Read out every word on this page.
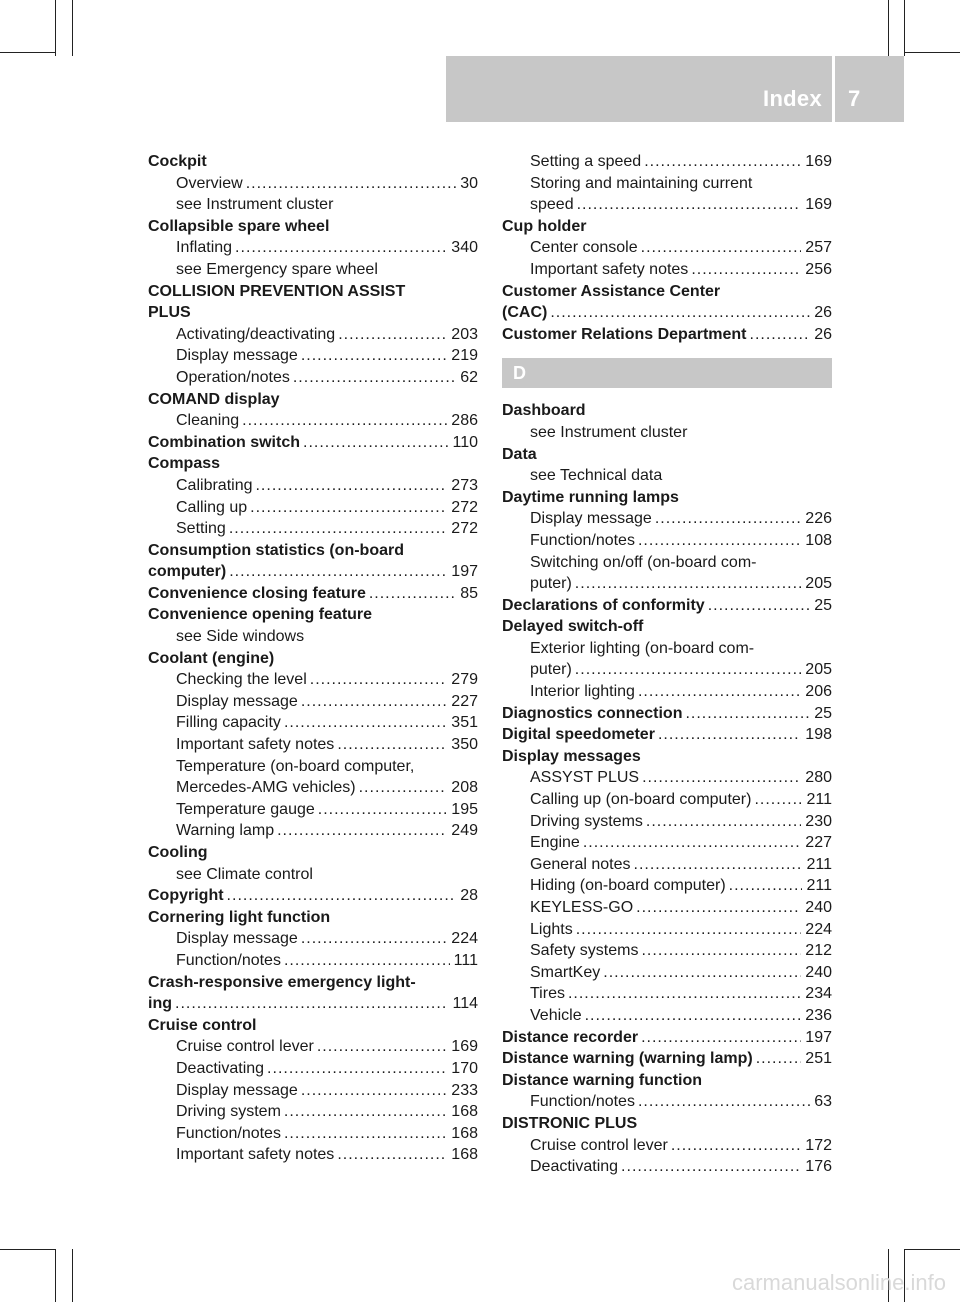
Index 7
Cockpit
Overview .....	30
see Instrument cluster
Collapsible spare wheel
Inflating .....	340
see Emergency spare wheel
COLLISION PREVENTION ASSIST
PLUS
Activating/deactivating .....	203
Display message .....	219
Operation/notes .....	62
COMAND display
Cleaning .....	286
Combination switch .....	110
Compass
Calibrating .....	273
Calling up .....	272
Setting .....	272
Consumption statistics (on-board
computer) .....	197
Convenience closing feature .....	85
Convenience opening feature
see Side windows
Coolant (engine)
Checking the level .....	279
Display message .....	227
Filling capacity .....	351
Important safety notes .....	350
Temperature (on-board computer,
Mercedes-AMG vehicles) .....	208
Temperature gauge .....	195
Warning lamp .....	249
Cooling
see Climate control
Copyright .....	28
Cornering light function
Display message .....	224
Function/notes .....	111
Crash-responsive emergency light-
ing .....	114
Cruise control
Cruise control lever .....	169
Deactivating .....	170
Display message .....	233
Driving system .....	168
Function/notes .....	168
Important safety notes .....	168
Setting a speed .....	169
Storing and maintaining current
speed .....	169
Cup holder
Center console .....	257
Important safety notes .....	256
Customer Assistance Center
(CAC) .....	26
Customer Relations Department .....	26
D
Dashboard
see Instrument cluster
Data
see Technical data
Daytime running lamps
Display message .....	226
Function/notes .....	108
Switching on/off (on-board com-
puter) .....	205
Declarations of conformity .....	25
Delayed switch-off
Exterior lighting (on-board com-
puter) .....	205
Interior lighting .....	206
Diagnostics connection .....	25
Digital speedometer .....	198
Display messages
ASSYST PLUS .....	280
Calling up (on-board computer) .....	211
Driving systems .....	230
Engine .....	227
General notes .....	211
Hiding (on-board computer) .....	211
KEYLESS-GO .....	240
Lights .....	224
Safety systems .....	212
SmartKey .....	240
Tires .....	234
Vehicle .....	236
Distance recorder .....	197
Distance warning (warning lamp) .....	251
Distance warning function
Function/notes .....	63
DISTRONIC PLUS
Cruise control lever .....	172
Deactivating .....	176
carmanualsonline.info
